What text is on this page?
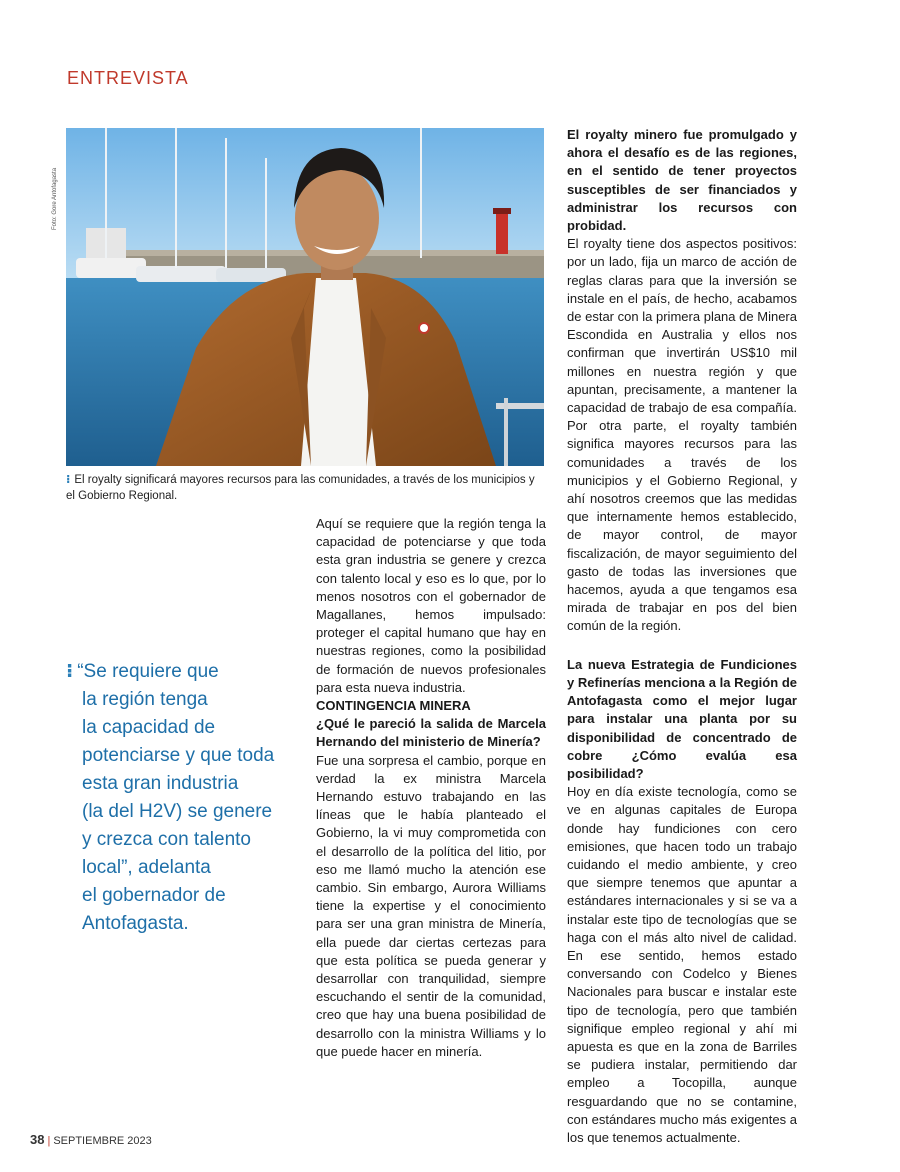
ENTREVISTA
Foto: Gore Antofagasta
⁝ El royalty significará mayores recursos para las comunidades, a través de los municipios y el Gobierno Regional.
⁝ “Se requiere que
la región tenga
la capacidad de
potenciarse y que toda
esta gran industria
(la del H2V) se genere
y crezca con talento
local”, adelanta
el gobernador de
Antofagasta.

Aquí se requiere que la región tenga la capacidad de potenciarse y que toda esta gran industria se genere y crezca con talento local y eso es lo que, por lo menos nosotros con el gobernador de Magallanes, hemos impulsado: proteger el capital humano que hay en nuestras regiones, como la posibilidad de formación de nuevos profesionales para esta nueva industria.

CONTINGENCIA MINERA

¿Qué le pareció la salida de Marcela Hernando del ministerio de Minería?

Fue una sorpresa el cambio, porque en verdad la ex ministra Marcela Hernando estuvo trabajando en las líneas que le había planteado el Gobierno, la vi muy comprometida con el desarrollo de la política del litio, por eso me llamó mucho la atención ese cambio. Sin embargo, Aurora Williams tiene la expertise y el conocimiento para ser una gran ministra de Minería, ella puede dar ciertas certezas para que esta política se pueda generar y desarrollar con tranquilidad, siempre escuchando el sentir de la comunidad, creo que hay una buena posibilidad de desarrollo con la ministra Williams y lo que puede hacer en minería.

El royalty minero fue promulgado y ahora el desafío es de las regiones, en el sentido de tener proyectos susceptibles de ser financiados y administrar los recursos con probidad.

El royalty tiene dos aspectos positivos: por un lado, fija un marco de acción de reglas claras para que la inversión se instale en el país, de hecho, acabamos de estar con la primera plana de Minera Escondida en Australia y ellos nos confirman que invertirán US$10 mil millones en nuestra región y que apuntan, precisamente, a mantener la capacidad de trabajo de esa compañía. Por otra parte, el royalty también significa mayores recursos para las comunidades a través de los municipios y el Gobierno Regional, y ahí nosotros creemos que las medidas que internamente hemos establecido, de mayor control, de mayor fiscalización, de mayor seguimiento del gasto de todas las inversiones que hacemos, ayuda a que tengamos esa mirada de trabajar en pos del bien común de la región.

La nueva Estrategia de Fundiciones y Refinerías menciona a la Región de Antofagasta como el mejor lugar para instalar una planta por su disponibilidad de concentrado de cobre ¿Cómo evalúa esa posibilidad?

Hoy en día existe tecnología, como se ve en algunas capitales de Europa donde hay fundiciones con cero emisiones, que hacen todo un trabajo cuidando el medio ambiente, y creo que siempre tenemos que apuntar a estándares internacionales y si se va a instalar este tipo de tecnologías que se haga con el más alto nivel de calidad. En ese sentido, hemos estado conversando con Codelco y Bienes Nacionales para buscar e instalar este tipo de tecnología, pero que también signifique empleo regional y ahí mi apuesta es que en la zona de Barriles se pudiera instalar, permitiendo dar empleo a Tocopilla, aunque resguardando que no se contamine, con estándares mucho más exigentes a los que tenemos actualmente.

38 | SEPTIEMBRE 2023
